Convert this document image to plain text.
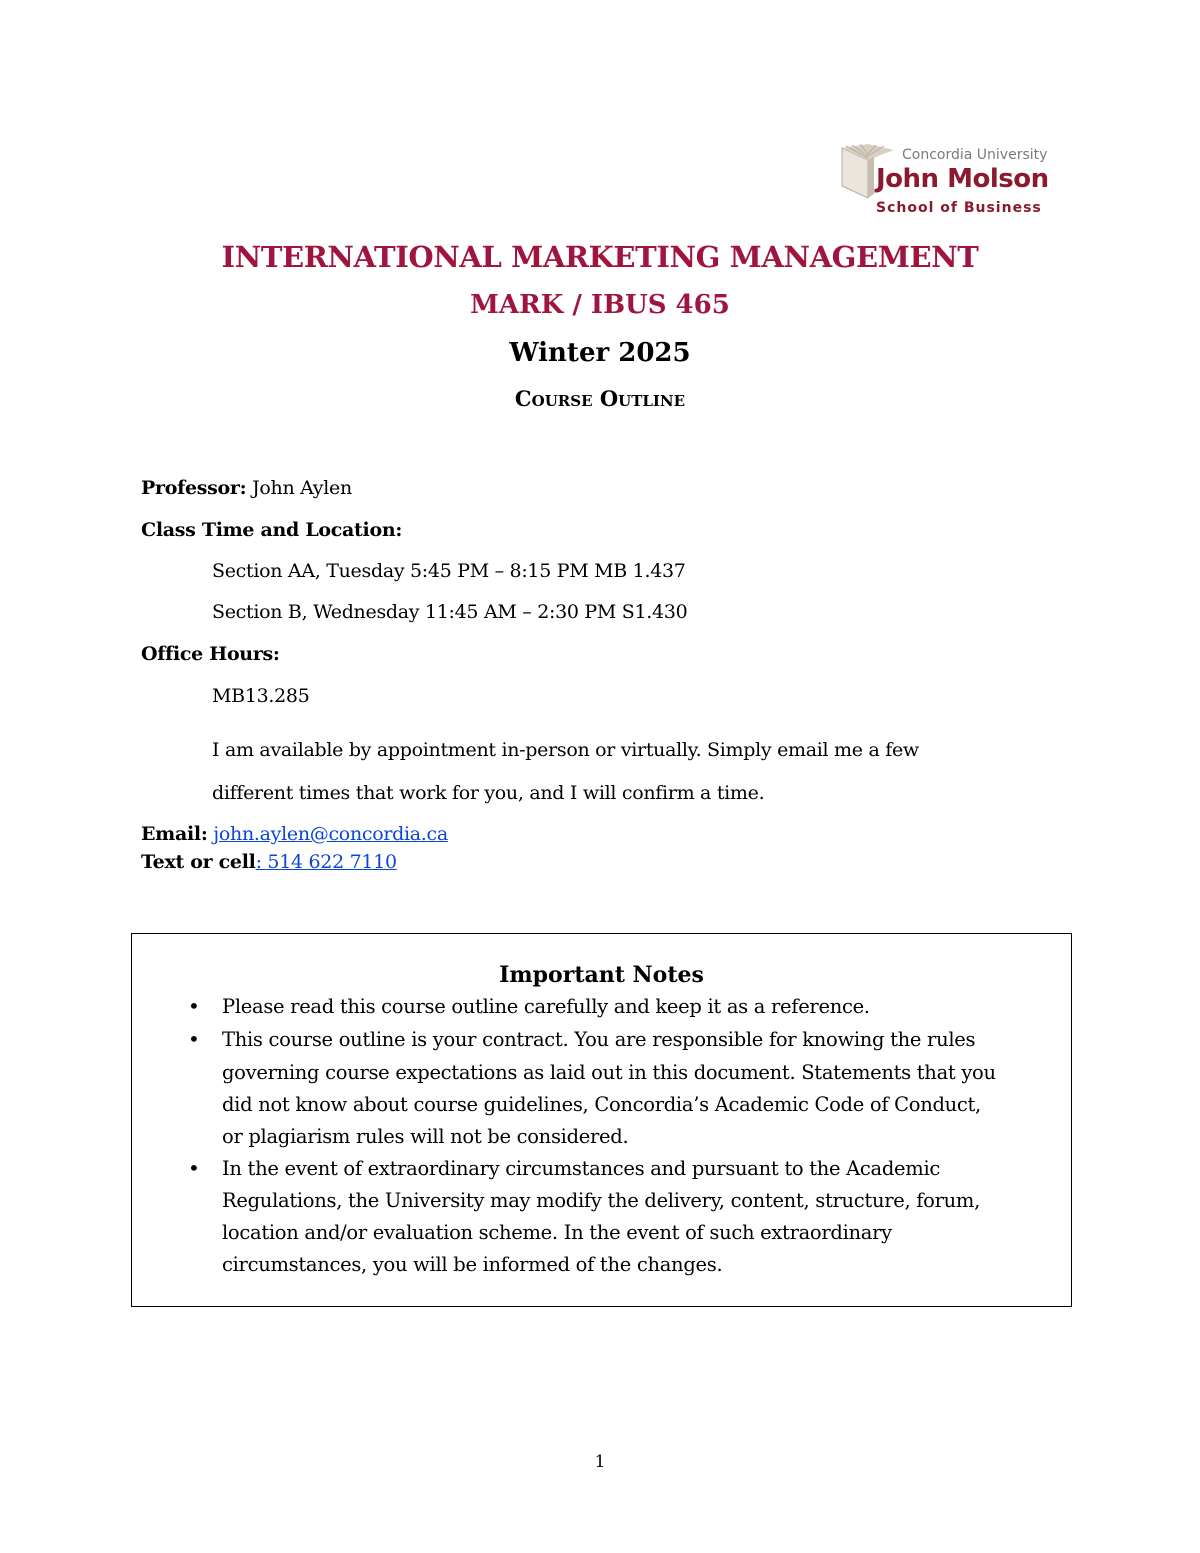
Concordia University
John Molson
School of Business
INTERNATIONAL MARKETING MANAGEMENT
MARK / IBUS 465
Winter 2025
Course Outline
Professor: John Aylen
Class Time and Location:
Section AA, Tuesday 5:45 PM – 8:15 PM MB 1.437
Section B, Wednesday 11:45 AM – 2:30 PM S1.430
Office Hours:
MB13.285
I am available by appointment in-person or virtually. Simply email me a few
different times that work for you, and I will confirm a time.
Email: john.aylen@concordia.ca
Text or cell: 514 622 7110
Important Notes
• Please read this course outline carefully and keep it as a reference.
• This course outline is your contract. You are responsible for knowing the rules
governing course expectations as laid out in this document. Statements that you
did not know about course guidelines, Concordia’s Academic Code of Conduct,
or plagiarism rules will not be considered.
• In the event of extraordinary circumstances and pursuant to the Academic
Regulations, the University may modify the delivery, content, structure, forum,
location and/or evaluation scheme. In the event of such extraordinary
circumstances, you will be informed of the changes.
1
